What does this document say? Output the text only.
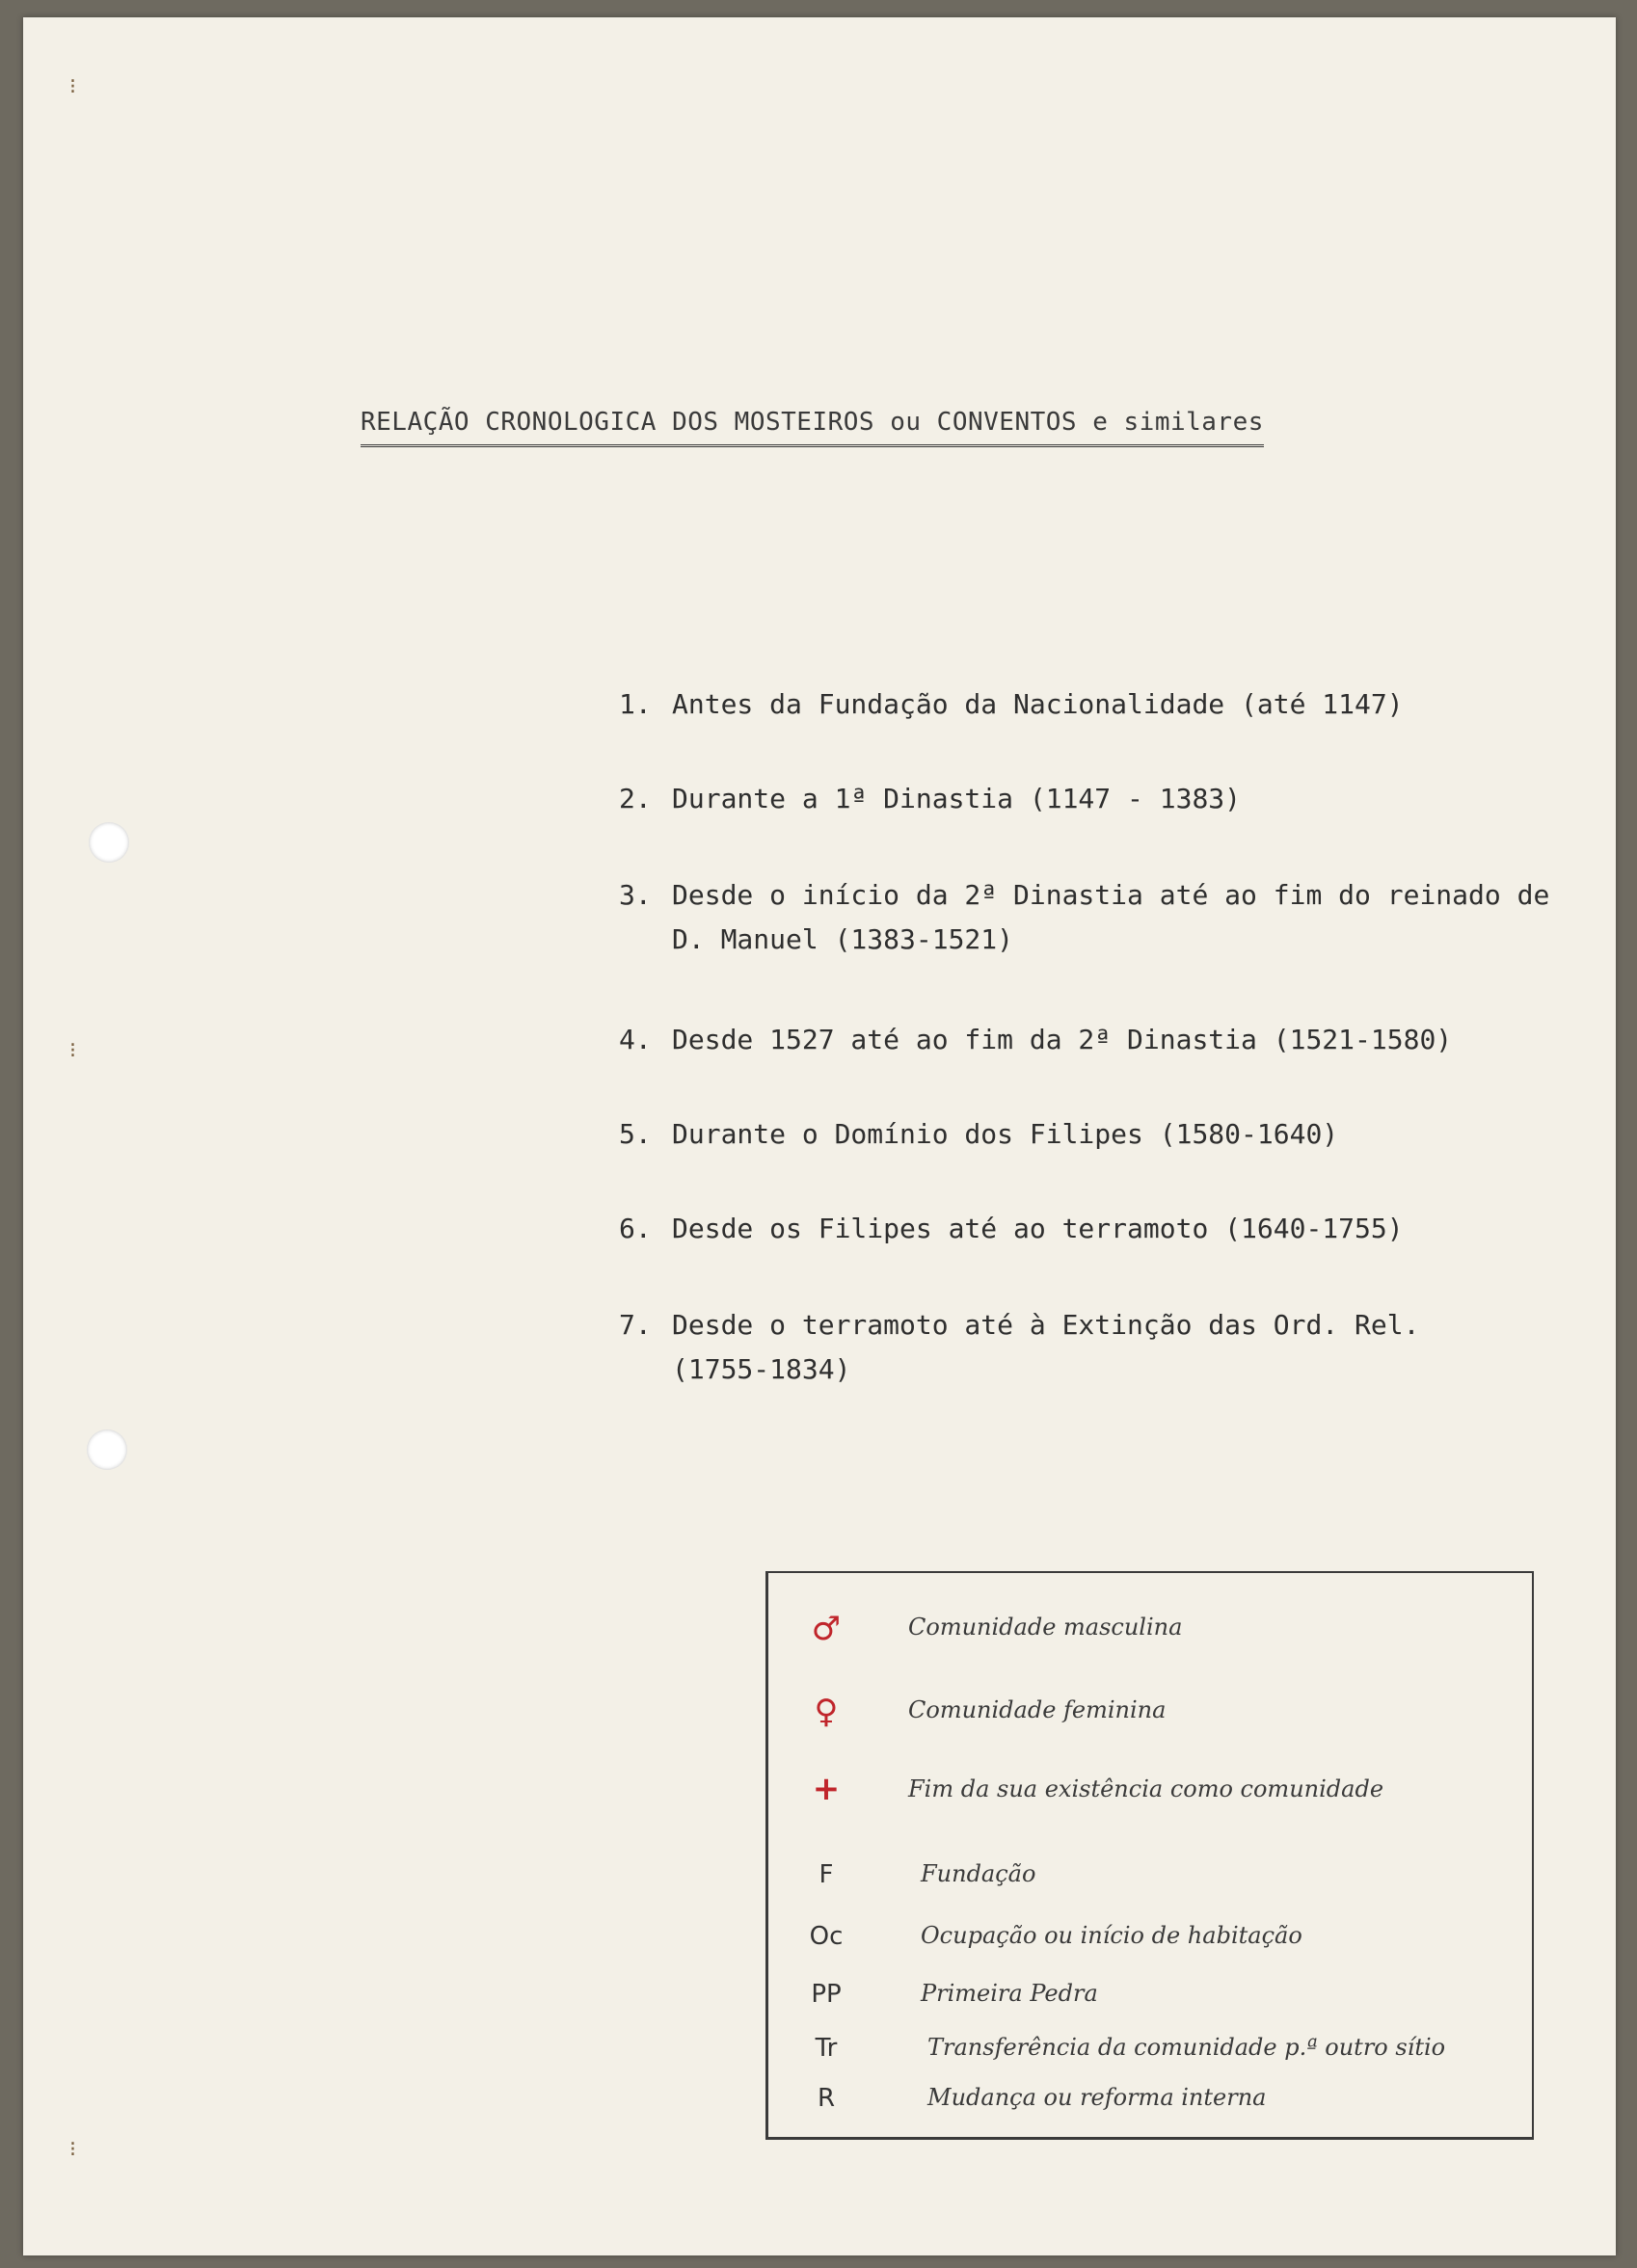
⁝
⁝
⁝
RELAÇÃO CRONOLOGICA DOS MOSTEIROS ou CONVENTOS e similares
1. Antes da Fundação da Nacionalidade (até 1147)
2. Durante a 1ª Dinastia (1147 - 1383)
3. Desde o início da 2ª Dinastia até ao fim do reinado de D. Manuel (1383-1521)
4. Desde 1527 até ao fim da 2ª Dinastia (1521-1580)
5. Durante o Domínio dos Filipes (1580-1640)
6. Desde os Filipes até ao terramoto (1640-1755)
7. Desde o terramoto até à Extinção das Ord. Rel. (1755-1834)
♂	Comunidade masculina
♀	Comunidade feminina
+	Fim da sua existência como comunidade
F	Fundação
Oc	Ocupação ou início de habitação
PP	Primeira Pedra
Tr	Transferência da comunidade p.ª outro sítio
R	Mudança ou reforma interna
